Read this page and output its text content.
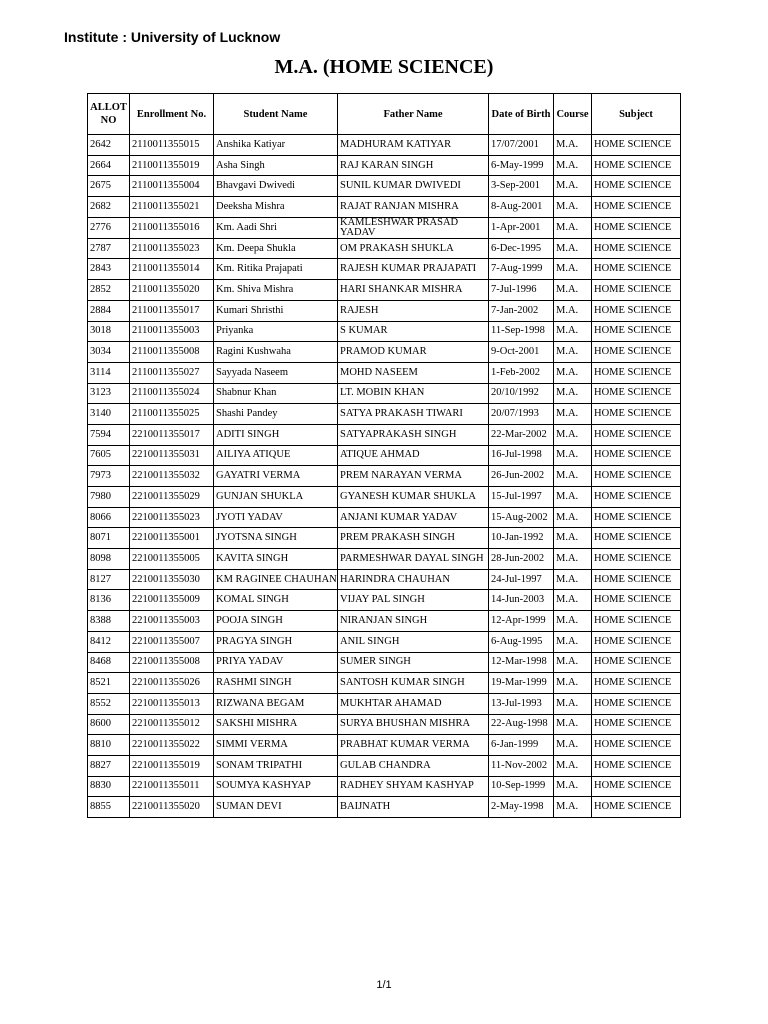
Institute : University of Lucknow
M.A. (HOME SCIENCE)
ALLOT NO	Enrollment No.	Student Name	Father Name	Date of Birth	Course	Subject
2642	2110011355015	Anshika Katiyar	MADHURAM KATIYAR	17/07/2001	M.A.	HOME SCIENCE
2664	2110011355019	Asha Singh	RAJ KARAN SINGH	6-May-1999	M.A.	HOME SCIENCE
2675	2110011355004	Bhavgavi Dwivedi	SUNIL KUMAR DWIVEDI	3-Sep-2001	M.A.	HOME SCIENCE
2682	2110011355021	Deeksha Mishra	RAJAT RANJAN MISHRA	8-Aug-2001	M.A.	HOME SCIENCE
2776	2110011355016	Km. Aadi Shri	KAMLESHWAR PRASAD YADAV	1-Apr-2001	M.A.	HOME SCIENCE
2787	2110011355023	Km. Deepa Shukla	OM PRAKASH SHUKLA	6-Dec-1995	M.A.	HOME SCIENCE
2843	2110011355014	Km. Ritika Prajapati	RAJESH KUMAR PRAJAPATI	7-Aug-1999	M.A.	HOME SCIENCE
2852	2110011355020	Km. Shiva Mishra	HARI SHANKAR MISHRA	7-Jul-1996	M.A.	HOME SCIENCE
2884	2110011355017	Kumari Shristhi	RAJESH	7-Jan-2002	M.A.	HOME SCIENCE
3018	2110011355003	Priyanka	S KUMAR	11-Sep-1998	M.A.	HOME SCIENCE
3034	2110011355008	Ragini Kushwaha	PRAMOD KUMAR	9-Oct-2001	M.A.	HOME SCIENCE
3114	2110011355027	Sayyada Naseem	MOHD NASEEM	1-Feb-2002	M.A.	HOME SCIENCE
3123	2110011355024	Shabnur Khan	LT. MOBIN KHAN	20/10/1992	M.A.	HOME SCIENCE
3140	2110011355025	Shashi Pandey	SATYA PRAKASH TIWARI	20/07/1993	M.A.	HOME SCIENCE
7594	2210011355017	ADITI SINGH	SATYAPRAKASH SINGH	22-Mar-2002	M.A.	HOME SCIENCE
7605	2210011355031	AILIYA ATIQUE	ATIQUE AHMAD	16-Jul-1998	M.A.	HOME SCIENCE
7973	2210011355032	GAYATRI VERMA	PREM NARAYAN VERMA	26-Jun-2002	M.A.	HOME SCIENCE
7980	2210011355029	GUNJAN SHUKLA	GYANESH KUMAR SHUKLA	15-Jul-1997	M.A.	HOME SCIENCE
8066	2210011355023	JYOTI YADAV	ANJANI KUMAR YADAV	15-Aug-2002	M.A.	HOME SCIENCE
8071	2210011355001	JYOTSNA SINGH	PREM PRAKASH SINGH	10-Jan-1992	M.A.	HOME SCIENCE
8098	2210011355005	KAVITA SINGH	PARMESHWAR DAYAL SINGH	28-Jun-2002	M.A.	HOME SCIENCE
8127	2210011355030	KM RAGINEE CHAUHAN	HARINDRA CHAUHAN	24-Jul-1997	M.A.	HOME SCIENCE
8136	2210011355009	KOMAL SINGH	VIJAY PAL SINGH	14-Jun-2003	M.A.	HOME SCIENCE
8388	2210011355003	POOJA SINGH	NIRANJAN SINGH	12-Apr-1999	M.A.	HOME SCIENCE
8412	2210011355007	PRAGYA SINGH	ANIL SINGH	6-Aug-1995	M.A.	HOME SCIENCE
8468	2210011355008	PRIYA YADAV	SUMER SINGH	12-Mar-1998	M.A.	HOME SCIENCE
8521	2210011355026	RASHMI SINGH	SANTOSH KUMAR SINGH	19-Mar-1999	M.A.	HOME SCIENCE
8552	2210011355013	RIZWANA BEGAM	MUKHTAR AHAMAD	13-Jul-1993	M.A.	HOME SCIENCE
8600	2210011355012	SAKSHI MISHRA	SURYA BHUSHAN MISHRA	22-Aug-1998	M.A.	HOME SCIENCE
8810	2210011355022	SIMMI VERMA	PRABHAT KUMAR VERMA	6-Jan-1999	M.A.	HOME SCIENCE
8827	2210011355019	SONAM TRIPATHI	GULAB CHANDRA	11-Nov-2002	M.A.	HOME SCIENCE
8830	2210011355011	SOUMYA KASHYAP	RADHEY SHYAM KASHYAP	10-Sep-1999	M.A.	HOME SCIENCE
8855	2210011355020	SUMAN DEVI	BAIJNATH	2-May-1998	M.A.	HOME SCIENCE
1/1
